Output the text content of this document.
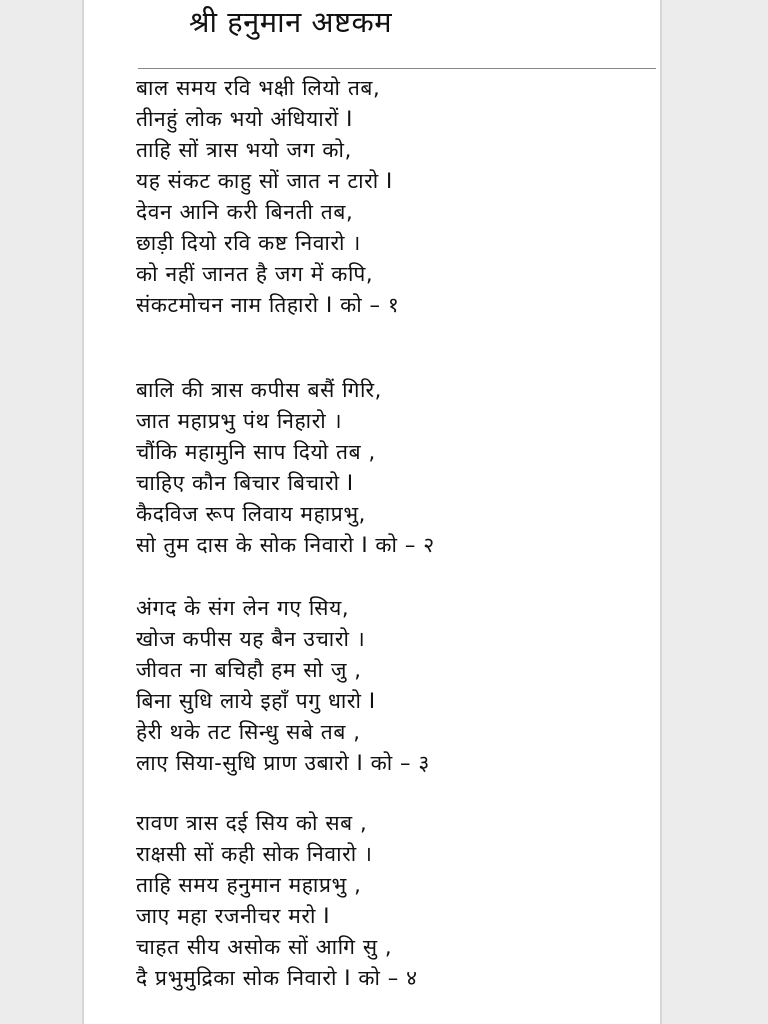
श्री हनुमान अष्टकम
बाल समय रवि भक्षी लियो तब,
तीनहुं लोक भयो अंधियारों I
ताहि सों त्रास भयो जग को,
यह संकट काहु सों जात न टारो I
देवन आनि करी बिनती तब,
छाड़ी दियो रवि कष्ट निवारो ।
को नहीं जानत है जग में कपि,
संकटमोचन नाम तिहारो I को – १
बालि की त्रास कपीस बसैं गिरि,
जात महाप्रभु पंथ निहारो ।
चौंकि महामुनि साप दियो तब ,
चाहिए कौन बिचार बिचारो I
कैदविज रूप लिवाय महाप्रभु,
सो तुम दास के सोक निवारो I को – २
अंगद के संग लेन गए सिय,
खोज कपीस यह बैन उचारो ।
जीवत ना बचिहौ हम सो जु ,
बिना सुधि लाये इहाँ पगु धारो I
हेरी थके तट सिन्धु सबे तब ,
लाए सिया-सुधि प्राण उबारो I को – ३
रावण त्रास दई सिय को सब ,
राक्षसी सों कही सोक निवारो ।
ताहि समय हनुमान महाप्रभु ,
जाए महा रजनीचर मरो I
चाहत सीय असोक सों आगि सु ,
दै प्रभुमुद्रिका सोक निवारो I को – ४
